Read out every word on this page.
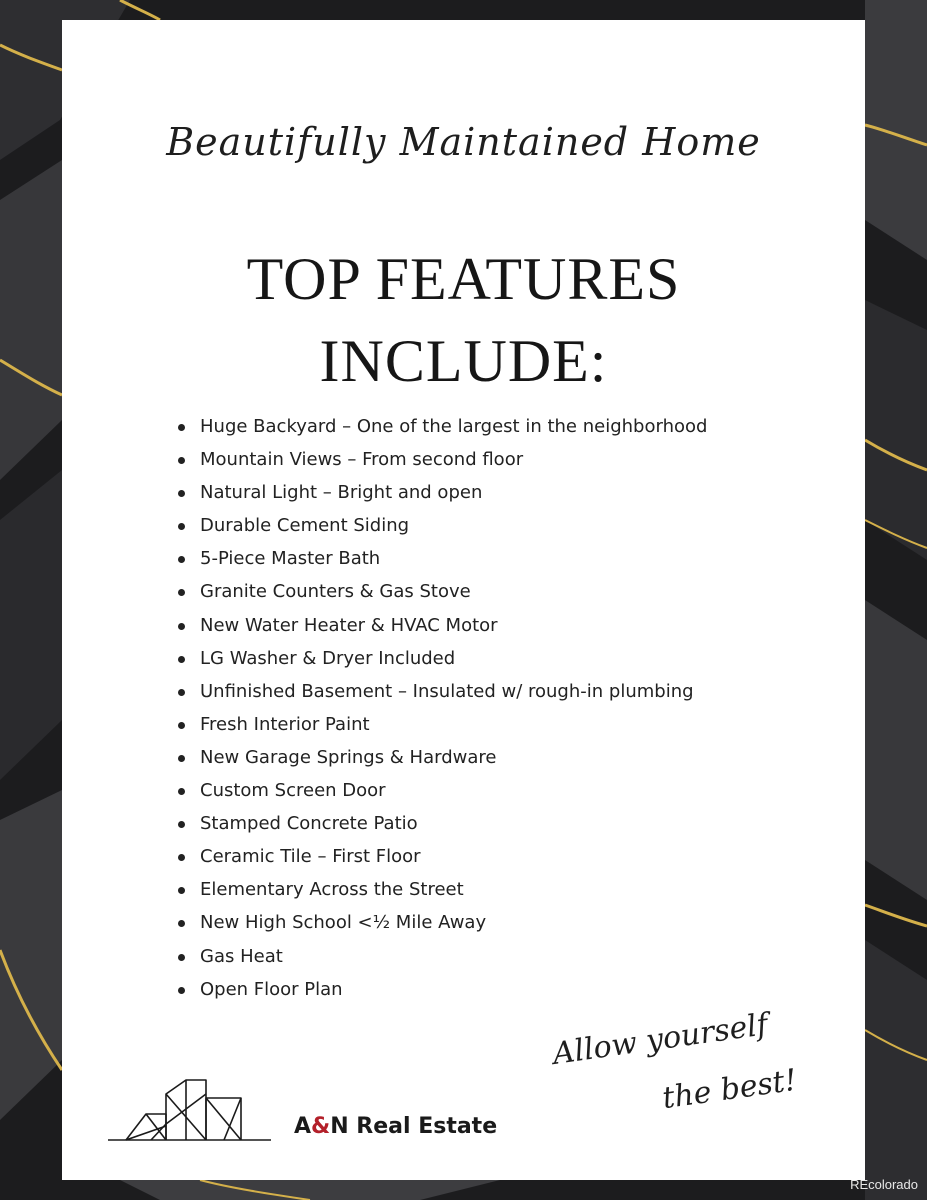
Beautifully Maintained Home
TOP FEATURES
INCLUDE:
Huge Backyard – One of the largest in the neighborhood
Mountain Views – From second floor
Natural Light – Bright and open
Durable Cement Siding
5-Piece Master Bath
Granite Counters & Gas Stove
New Water Heater & HVAC Motor
LG Washer & Dryer Included
Unfinished Basement – Insulated w/ rough-in plumbing
Fresh Interior Paint
New Garage Springs & Hardware
Custom Screen Door
Stamped Concrete Patio
Ceramic Tile – First Floor
Elementary Across the Street
New High School <½ Mile Away
Gas Heat
Open Floor Plan
Allow yourself
the best!
A&N Real Estate
REcolorado
